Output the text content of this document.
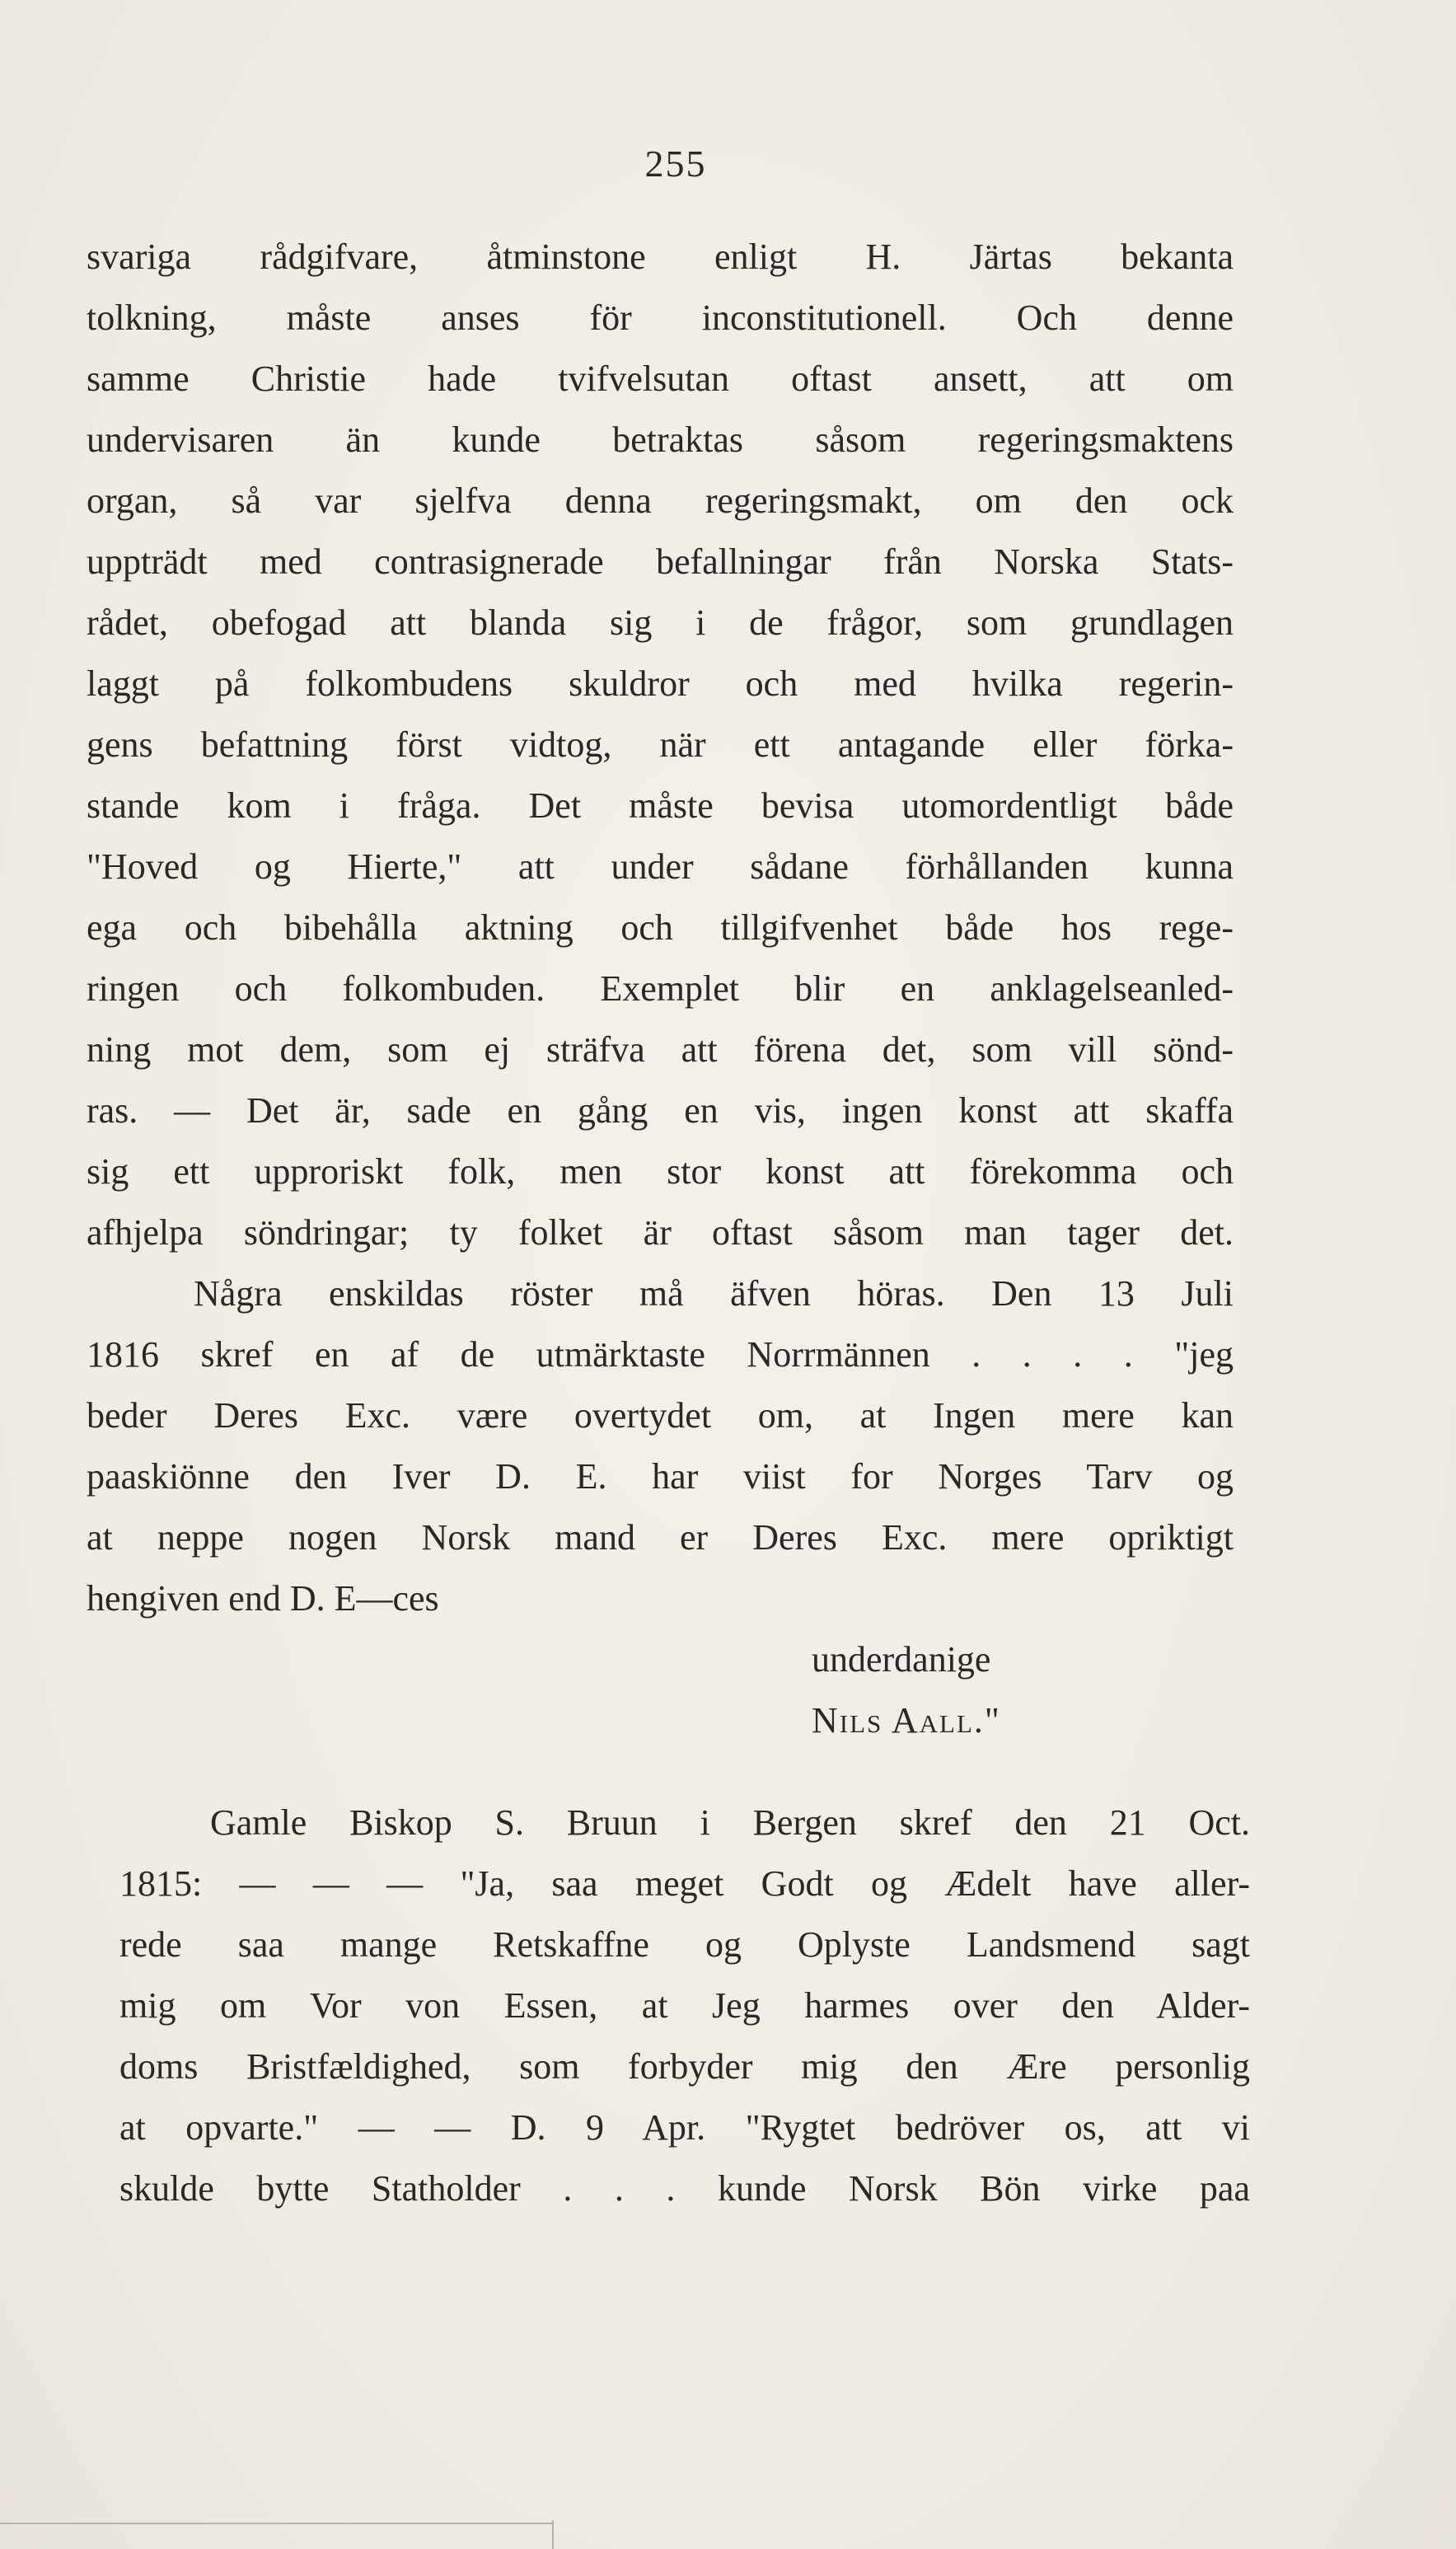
255
svariga rådgifvare, åtminstone enligt H. Järtas bekanta
tolkning, måste anses för inconstitutionell. Och denne
samme Christie hade tvifvelsutan oftast ansett, att om
undervisaren än kunde betraktas såsom regeringsmaktens
organ, så var sjelfva denna regeringsmakt, om den ock
uppträdt med contrasignerade befallningar från Norska Stats-
rådet, obefogad att blanda sig i de frågor, som grundlagen
laggt på folkombudens skuldror och med hvilka regerin-
gens befattning först vidtog, när ett antagande eller förka-
stande kom i fråga. Det måste bevisa utomordentligt både
"Hoved og Hierte," att under sådane förhållanden kunna
ega och bibehålla aktning och tillgifvenhet både hos rege-
ringen och folkombuden. Exemplet blir en anklagelseanled-
ning mot dem, som ej sträfva att förena det, som vill sönd-
ras. — Det är, sade en gång en vis, ingen konst att skaffa
sig ett upproriskt folk, men stor konst att förekomma och
afhjelpa söndringar; ty folket är oftast såsom man tager det.
Några enskildas röster må äfven höras. Den 13 Juli
1816 skref en af de utmärktaste Norrmännen . . . . "jeg
beder Deres Exc. være overtydet om, at Ingen mere kan
paaskiönne den Iver D. E. har viist for Norges Tarv og
at neppe nogen Norsk mand er Deres Exc. mere opriktigt
hengiven end D. E—ces
underdanige
Nils Aall."
Gamle Biskop S. Bruun i Bergen skref den 21 Oct.
1815: — — — "Ja, saa meget Godt og Ædelt have aller-
rede saa mange Retskaffne og Oplyste Landsmend sagt
mig om Vor von Essen, at Jeg harmes over den Alder-
doms Bristfældighed, som forbyder mig den Ære personlig
at opvarte." — — D. 9 Apr. "Rygtet bedröver os, att vi
skulde bytte Statholder . . . kunde Norsk Bön virke paa
